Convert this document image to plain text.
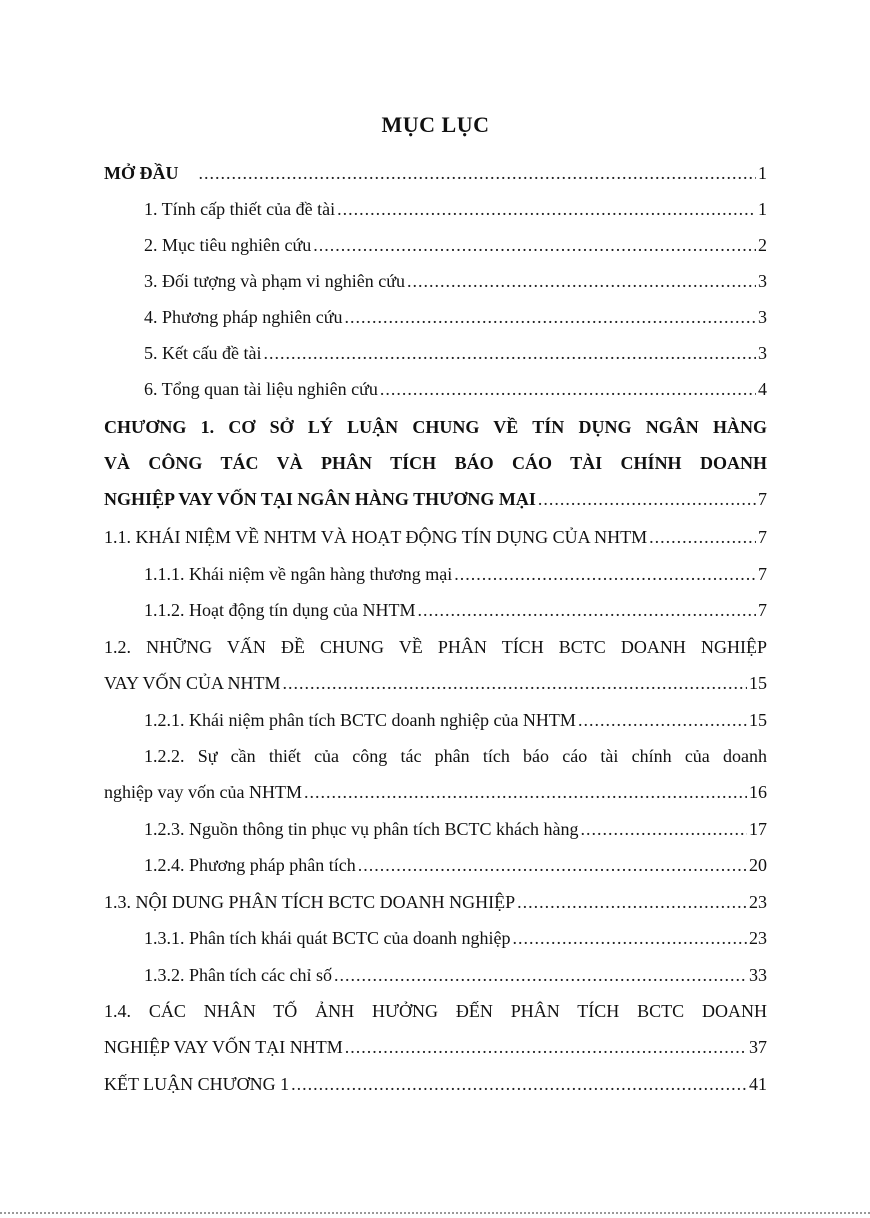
MỤC LỤC
MỞ ĐẦU .....	1
1. Tính cấp thiết của đề tài .....	1
2. Mục tiêu nghiên cứu .....	2
3. Đối tượng và phạm vi nghiên cứu .....	3
4. Phương pháp nghiên cứu .....	3
5. Kết cấu đề tài .....	3
6. Tổng quan tài liệu nghiên cứu .....	4
CHƯƠNG 1. CƠ SỞ LÝ LUẬN CHUNG VỀ TÍN DỤNG NGÂN HÀNG
VÀ CÔNG TÁC VÀ PHÂN TÍCH BÁO CÁO TÀI CHÍNH DOANH
NGHIỆP VAY VỐN TẠI NGÂN HÀNG THƯƠNG MẠI .....	7
1.1. KHÁI NIỆM VỀ NHTM VÀ HOẠT ĐỘNG TÍN DỤNG CỦA NHTM .....	7
1.1.1. Khái niệm về ngân hàng thương mại .....	7
1.1.2. Hoạt động tín dụng của NHTM .....	7
1.2. NHỮNG VẤN ĐỀ CHUNG VỀ PHÂN TÍCH BCTC DOANH NGHIỆP
VAY VỐN CỦA NHTM .....	15
1.2.1. Khái niệm phân tích BCTC doanh nghiệp của NHTM .....	15
1.2.2. Sự cần thiết của công tác phân tích báo cáo tài chính của doanh
nghiệp vay vốn của NHTM .....	16
1.2.3. Nguồn thông tin phục vụ phân tích BCTC khách hàng .....	17
1.2.4. Phương pháp phân tích .....	20
1.3. NỘI DUNG PHÂN TÍCH BCTC DOANH NGHIỆP .....	23
1.3.1. Phân tích khái quát BCTC của doanh nghiệp .....	23
1.3.2. Phân tích các chỉ số .....	33
1.4. CÁC NHÂN TỐ ẢNH HƯỞNG ĐẾN PHÂN TÍCH BCTC DOANH
NGHIỆP VAY VỐN TẠI NHTM .....	37
KẾT LUẬN CHƯƠNG 1 .....	41
